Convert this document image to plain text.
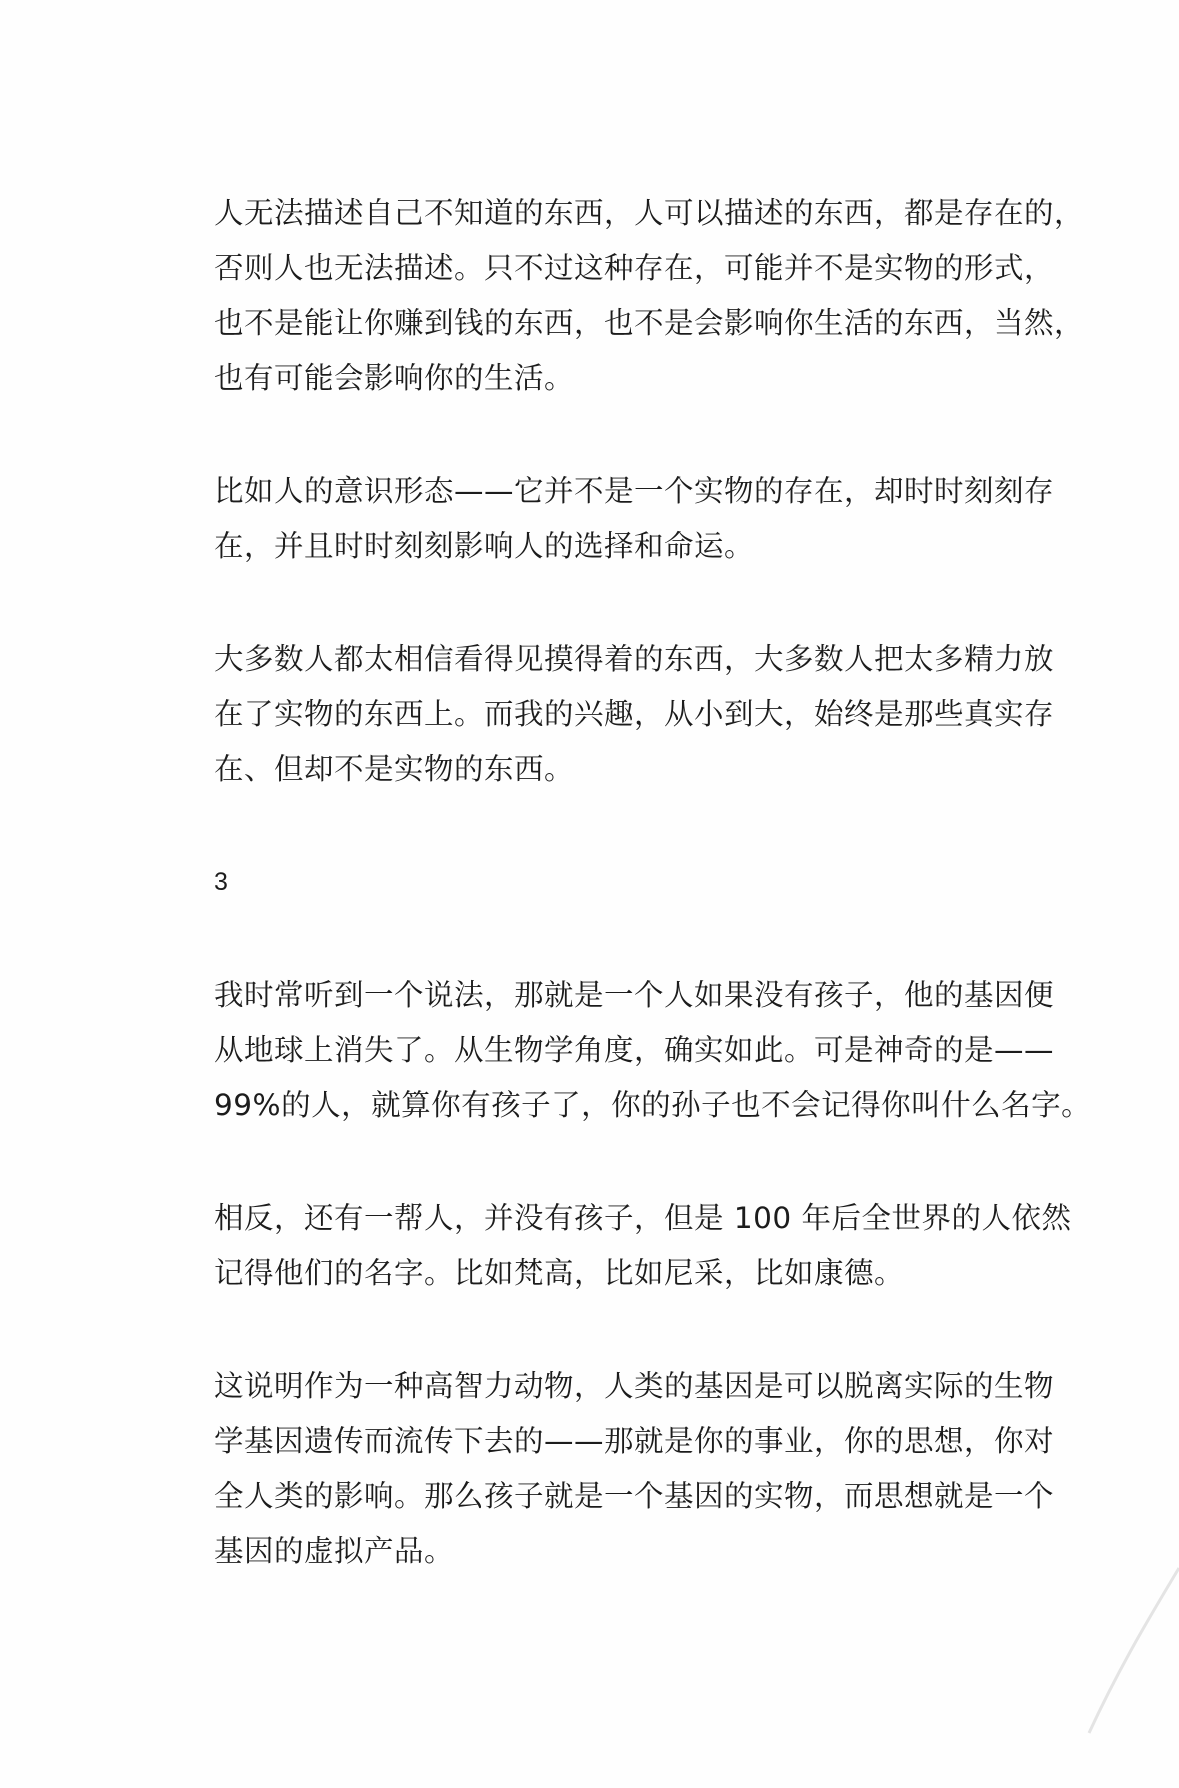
人无法描述自己不知道的东西，人可以描述的东西，都是存在的，
否则人也无法描述。只不过这种存在，可能并不是实物的形式，
也不是能让你赚到钱的东西，也不是会影响你生活的东西，当然，
也有可能会影响你的生活。
比如人的意识形态——它并不是一个实物的存在，却时时刻刻存
在，并且时时刻刻影响人的选择和命运。
大多数人都太相信看得见摸得着的东西，大多数人把太多精力放
在了实物的东西上。而我的兴趣，从小到大，始终是那些真实存
在、但却不是实物的东西。

3

我时常听到一个说法，那就是一个人如果没有孩子，他的基因便
从地球上消失了。从生物学角度，确实如此。可是神奇的是——
99%的人，就算你有孩子了，你的孙子也不会记得你叫什么名字。
相反，还有一帮人，并没有孩子，但是 100 年后全世界的人依然
记得他们的名字。比如梵高，比如尼采，比如康德。
这说明作为一种高智力动物，人类的基因是可以脱离实际的生物
学基因遗传而流传下去的——那就是你的事业，你的思想，你对
全人类的影响。那么孩子就是一个基因的实物，而思想就是一个
基因的虚拟产品。
